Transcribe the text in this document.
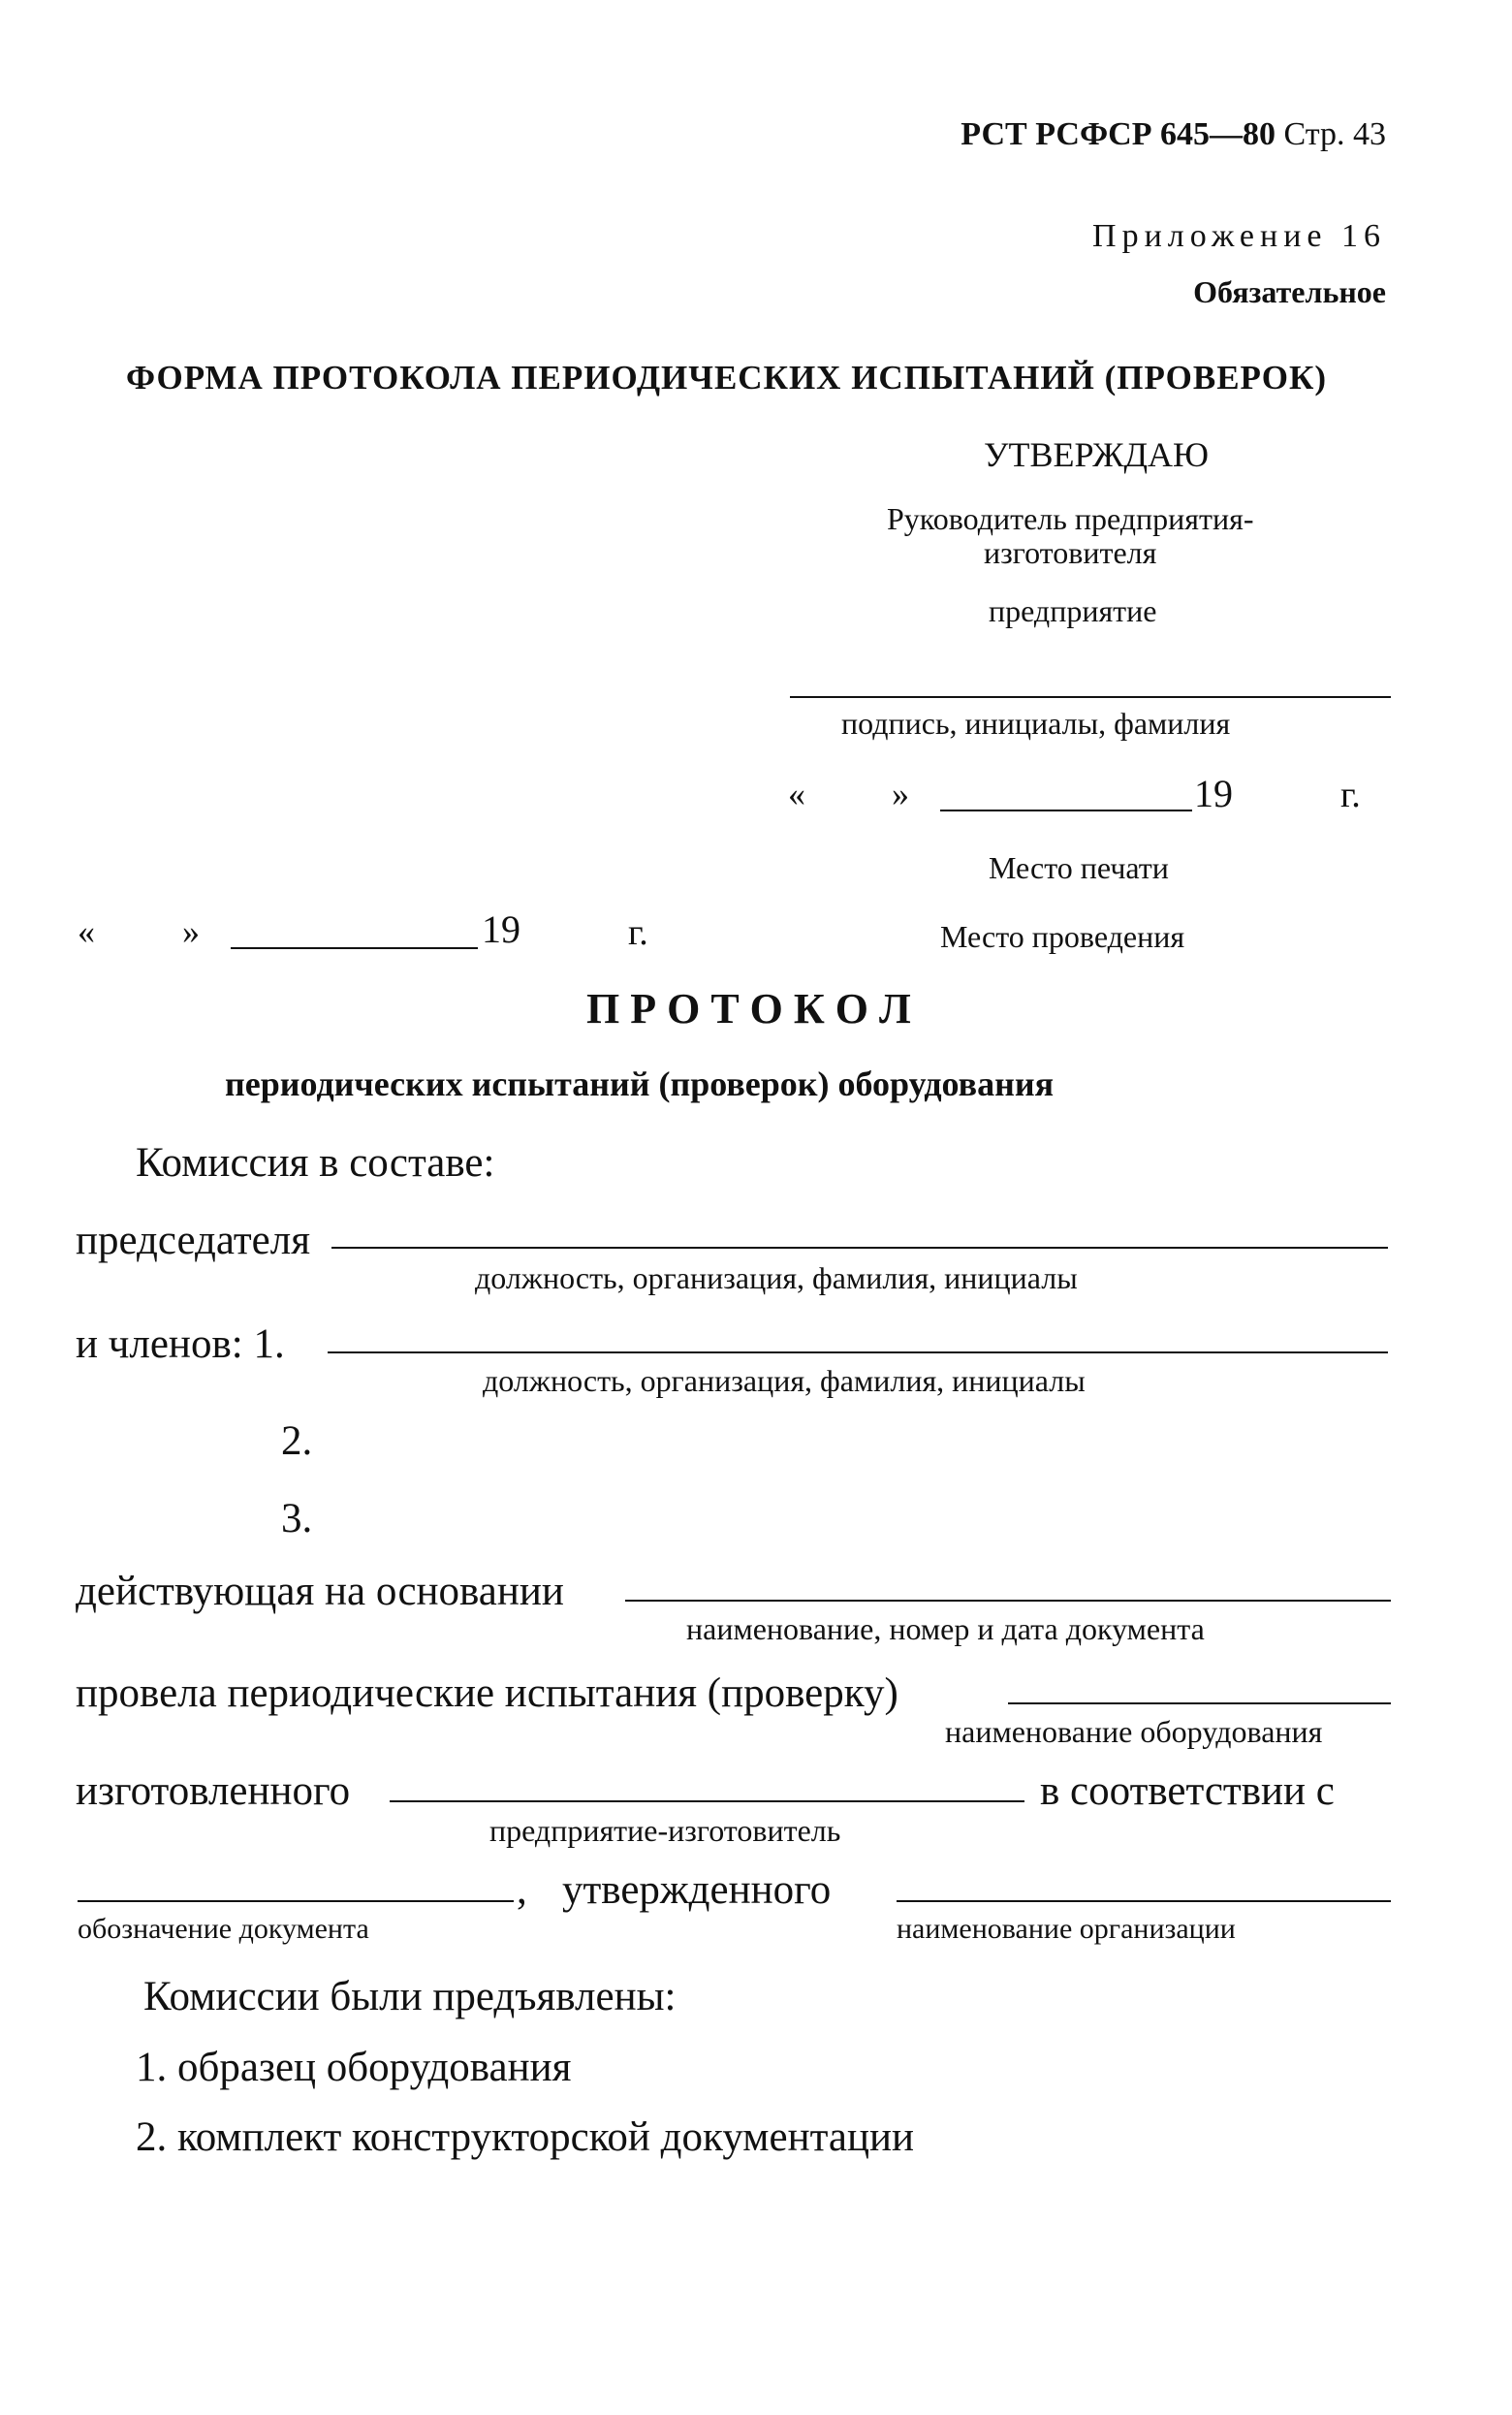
РСТ РСФСР 645—80 Стр. 43
Приложение 16
Обязательное
ФОРМА ПРОТОКОЛА ПЕРИОДИЧЕСКИХ ИСПЫТАНИЙ (ПРОВЕРОК)
УТВЕРЖДАЮ
Руководитель предприятия-
изготовителя
предприятие
подпись, инициалы, фамилия
« »	19	г.
Место печати
«	»	19	г.	Место проведения
П Р О Т О К О Л
периодических испытаний (проверок) оборудования
Комиссия в составе:
председателя
должность, организация, фамилия, инициалы
и членов: 1.
должность, организация, фамилия, инициалы
2.
3.
действующая на основании
наименование, номер и дата документа
провела периодические испытания (проверку)
наименование оборудования
изготовленного	в соответствии с
предприятие-изготовитель
, утвержденного
обозначение документа	наименование организации
Комиссии были предъявлены:
1. образец оборудования
2. комплект конструкторской документации
